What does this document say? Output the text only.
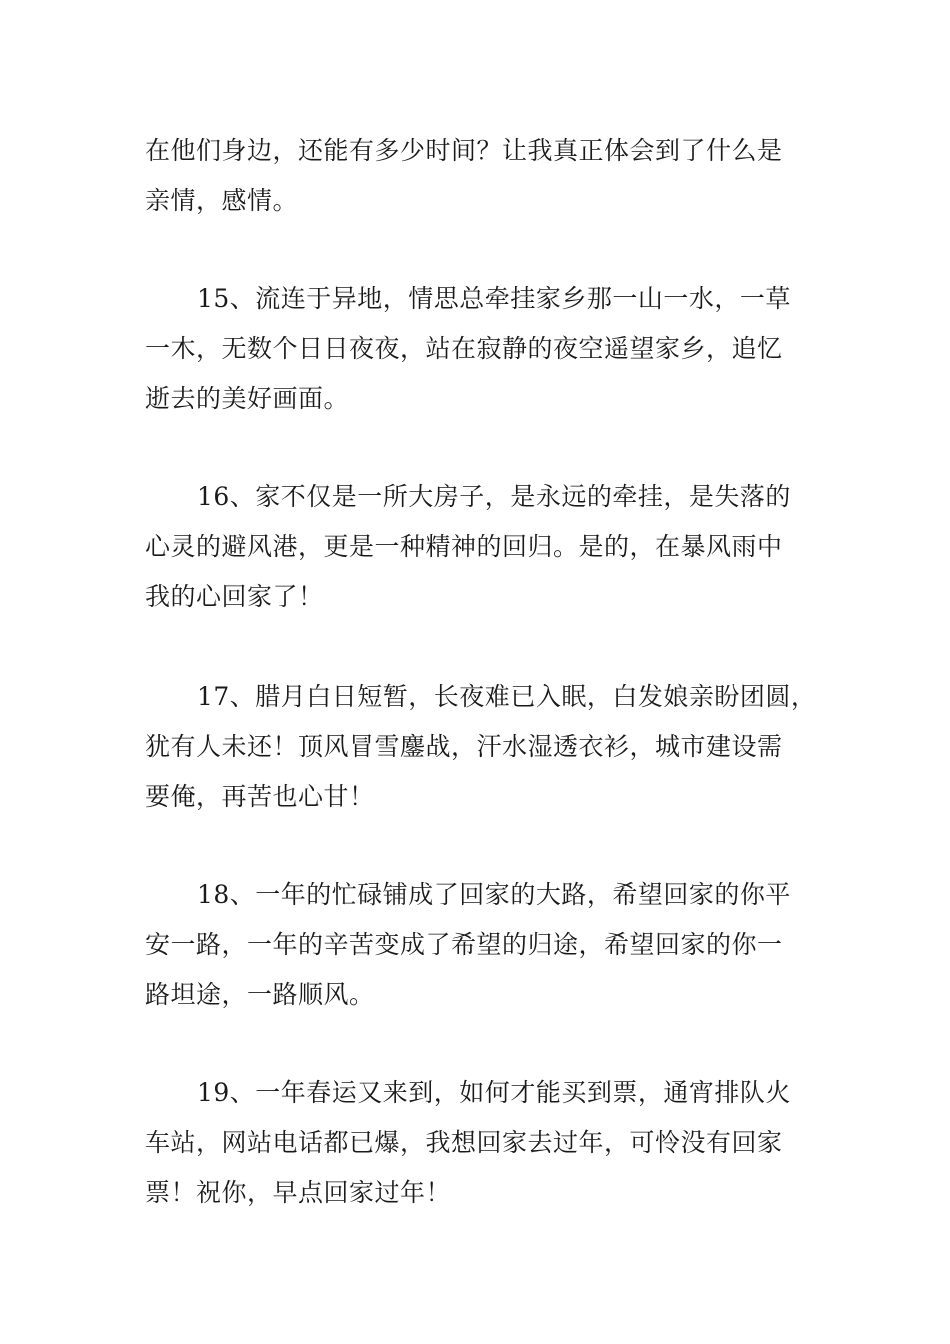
在他们身边，还能有多少时间？让我真正体会到了什么是
亲情，感情。
15、流连于异地，情思总牵挂家乡那一山一水，一草
一木，无数个日日夜夜，站在寂静的夜空遥望家乡，追忆
逝去的美好画面。
16、家不仅是一所大房子，是永远的牵挂，是失落的
心灵的避风港，更是一种精神的回归。是的，在暴风雨中
我的心回家了！
17、腊月白日短暂，长夜难已入眠，白发娘亲盼团圆，
犹有人未还！顶风冒雪鏖战，汗水湿透衣衫，城市建设需
要俺，再苦也心甘！
18、一年的忙碌铺成了回家的大路，希望回家的你平
安一路，一年的辛苦变成了希望的归途，希望回家的你一
路坦途，一路顺风。
19、一年春运又来到，如何才能买到票，通宵排队火
车站，网站电话都已爆，我想回家去过年，可怜没有回家
票！祝你，早点回家过年！
